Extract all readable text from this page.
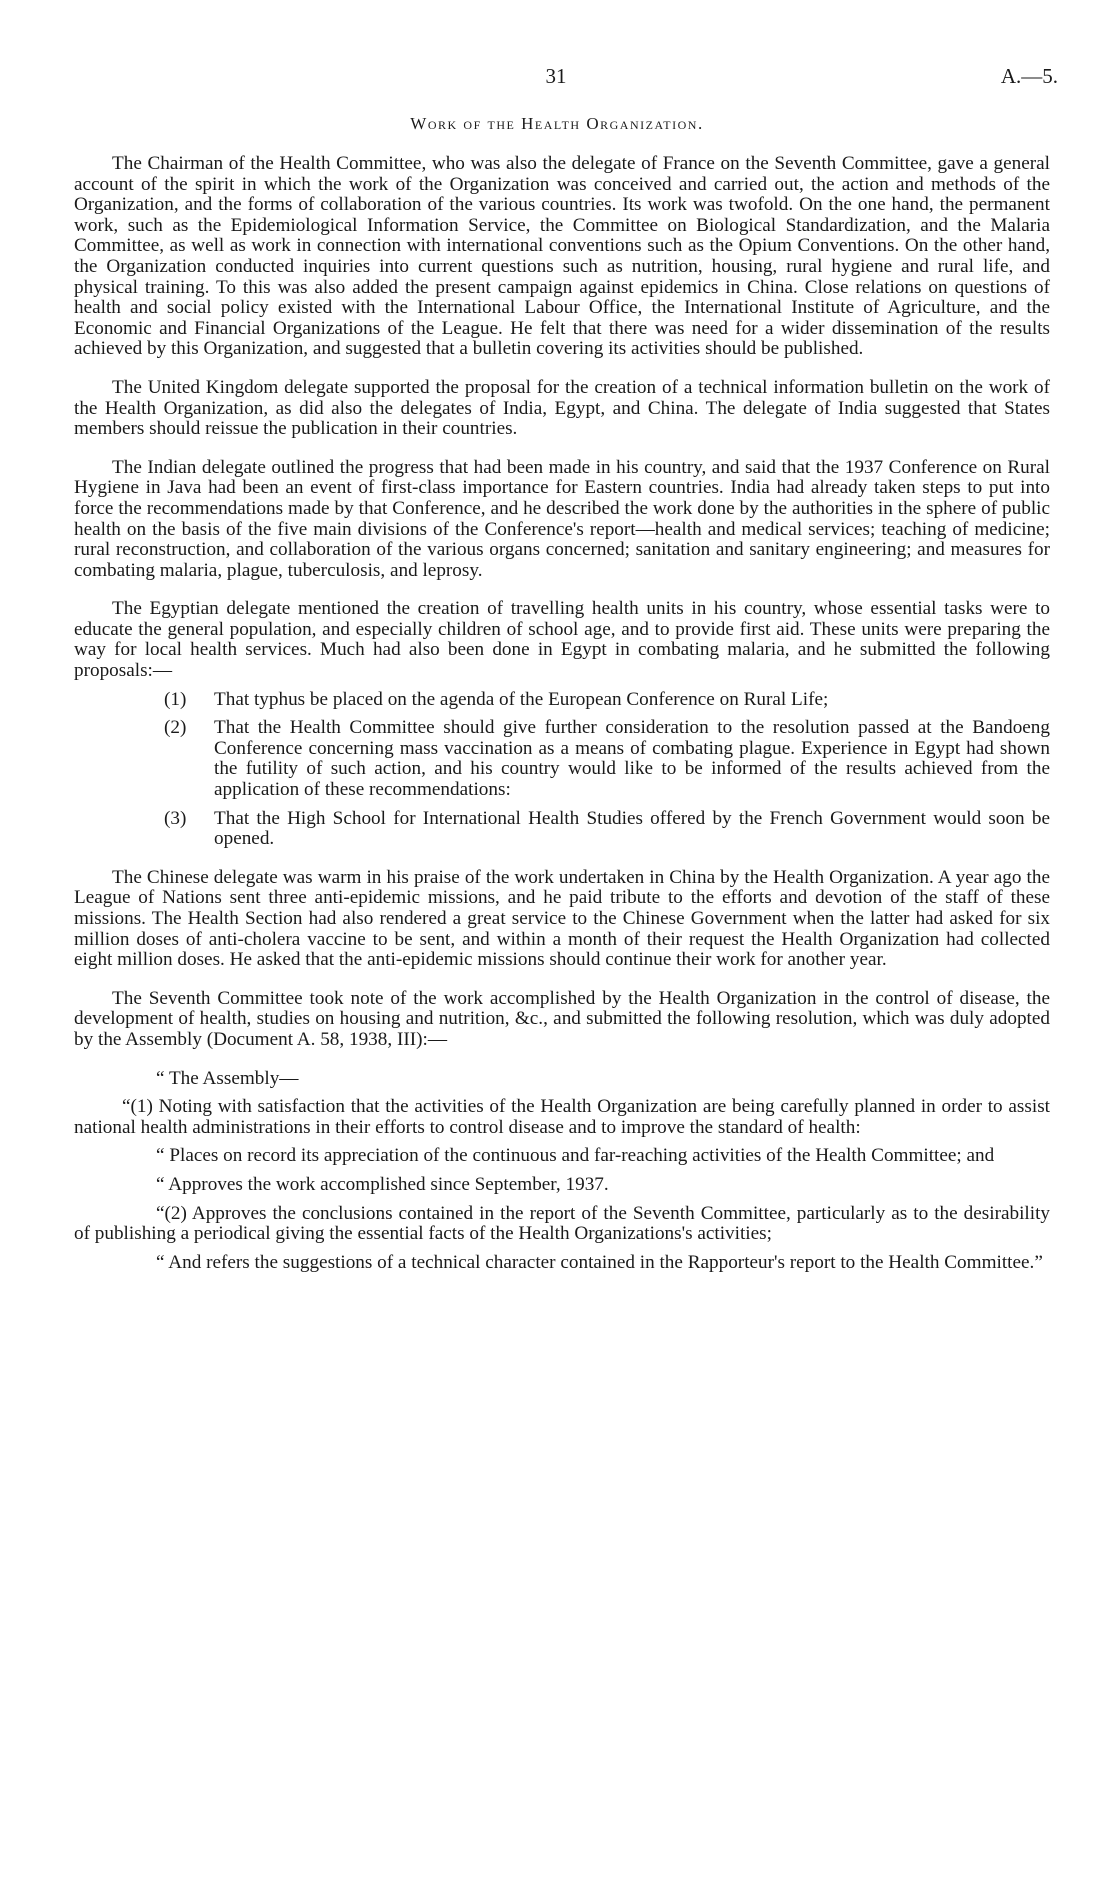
31	A.—5.
Work of the Health Organization.

The Chairman of the Health Committee, who was also the delegate of France on the Seventh Committee, gave a general account of the spirit in which the work of the Organization was conceived and carried out, the action and methods of the Organization, and the forms of collaboration of the various countries. Its work was twofold. On the one hand, the permanent work, such as the Epidemiological Information Service, the Committee on Biological Standardization, and the Malaria Committee, as well as work in connection with international conventions such as the Opium Conventions. On the other hand, the Organization conducted inquiries into current questions such as nutrition, housing, rural hygiene and rural life, and physical training. To this was also added the present campaign against epidemics in China. Close relations on questions of health and social policy existed with the International Labour Office, the International Institute of Agriculture, and the Economic and Financial Organizations of the League. He felt that there was need for a wider dissemination of the results achieved by this Organization, and suggested that a bulletin covering its activities should be published.

The United Kingdom delegate supported the proposal for the creation of a technical information bulletin on the work of the Health Organization, as did also the delegates of India, Egypt, and China. The delegate of India suggested that States members should reissue the publication in their countries.

The Indian delegate outlined the progress that had been made in his country, and said that the 1937 Conference on Rural Hygiene in Java had been an event of first-class importance for Eastern countries. India had already taken steps to put into force the recommendations made by that Conference, and he described the work done by the authorities in the sphere of public health on the basis of the five main divisions of the Conference's report—health and medical services; teaching of medicine; rural reconstruction, and collaboration of the various organs concerned; sanitation and sanitary engineering; and measures for combating malaria, plague, tuberculosis, and leprosy.

The Egyptian delegate mentioned the creation of travelling health units in his country, whose essential tasks were to educate the general population, and especially children of school age, and to provide first aid. These units were preparing the way for local health services. Much had also been done in Egypt in combating malaria, and he submitted the following proposals:—

(1) That typhus be placed on the agenda of the European Conference on Rural Life;
(2) That the Health Committee should give further consideration to the resolution passed at the Bandoeng Conference concerning mass vaccination as a means of combating plague. Experience in Egypt had shown the futility of such action, and his country would like to be informed of the results achieved from the application of these recommendations:
(3) That the High School for International Health Studies offered by the French Government would soon be opened.

The Chinese delegate was warm in his praise of the work undertaken in China by the Health Organization. A year ago the League of Nations sent three anti-epidemic missions, and he paid tribute to the efforts and devotion of the staff of these missions. The Health Section had also rendered a great service to the Chinese Government when the latter had asked for six million doses of anti-cholera vaccine to be sent, and within a month of their request the Health Organization had collected eight million doses. He asked that the anti-epidemic missions should continue their work for another year.

The Seventh Committee took note of the work accomplished by the Health Organization in the control of disease, the development of health, studies on housing and nutrition, &c., and submitted the following resolution, which was duly adopted by the Assembly (Document A. 58, 1938, III):—

“ The Assembly—

“(1) Noting with satisfaction that the activities of the Health Organization are being carefully planned in order to assist national health administrations in their efforts to control disease and to improve the standard of health:

“ Places on record its appreciation of the continuous and far-reaching activities of the Health Committee; and

“ Approves the work accomplished since September, 1937.

“(2) Approves the conclusions contained in the report of the Seventh Committee, particularly as to the desirability of publishing a periodical giving the essential facts of the Health Organizations's activities;

“ And refers the suggestions of a technical character contained in the Rapporteur's report to the Health Committee.”
